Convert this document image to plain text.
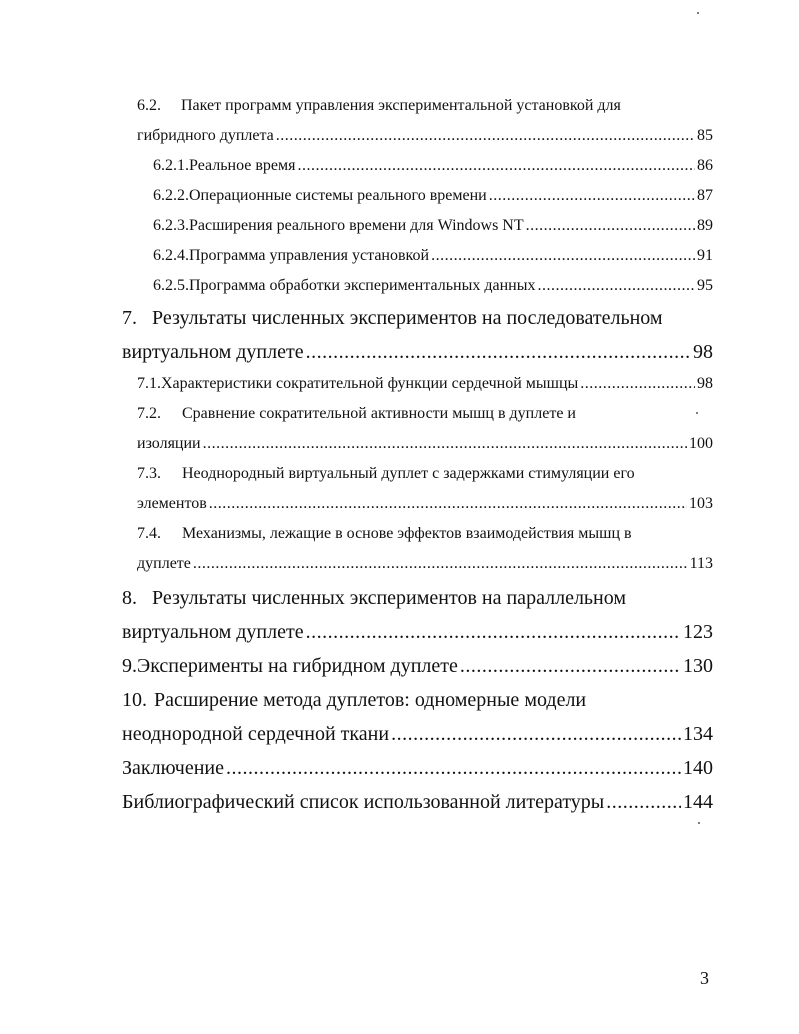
6.2.	Пакет программ управления экспериментальной установкой для
гибридного дуплета .....	85
6.2.1. Реальное время .....	86
6.2.2. Операционные системы реального времени .....	87
6.2.3. Расширения реального времени для Windows NT .....	89
6.2.4. Программа управления установкой .....	91
6.2.5. Программа обработки экспериментальных данных .....	95
7. Результаты численных экспериментов на последовательном
виртуальном дуплете .....	98
7.1. Характеристики сократительной функции сердечной мышцы .....	98
7.2.	Сравнение сократительной активности мышц в дуплете и
изоляции .....	100
7.3.	Неоднородный виртуальный дуплет с задержками стимуляции его
элементов .....	103
7.4.	Механизмы, лежащие в основе эффектов взаимодействия мышц в
дуплете .....	113
8. Результаты численных экспериментов на параллельном
виртуальном дуплете .....	123
9. Эксперименты на гибридном дуплете .....	130
10. Расширение метода дуплетов: одномерные модели
неоднородной сердечной ткани .....	134
Заключение .....	140
Библиографический список использованной литературы .....	144
3
